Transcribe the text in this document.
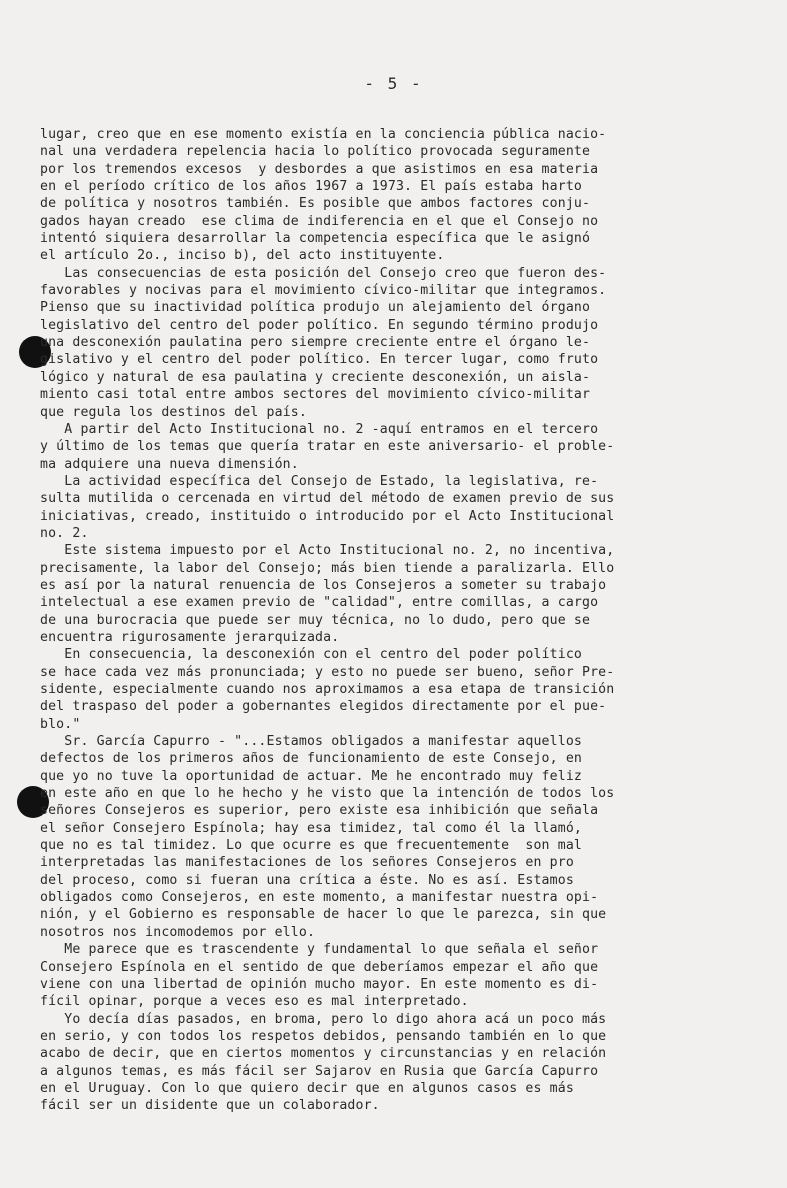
- 5 -
lugar, creo que en ese momento existía en la conciencia pública nacio-
nal una verdadera repelencia hacia lo político provocada seguramente
por los tremendos excesos  y desbordes a que asistimos en esa materia
en el período crítico de los años 1967 a 1973. El país estaba harto
de política y nosotros también. Es posible que ambos factores conju-
gados hayan creado  ese clima de indiferencia en el que el Consejo no
intentó siquiera desarrollar la competencia específica que le asignó
el artículo 2o., inciso b), del acto instituyente.
Las consecuencias de esta posición del Consejo creo que fueron des-
favorables y nocivas para el movimiento cívico-militar que integramos.
Pienso que su inactividad política produjo un alejamiento del órgano
legislativo del centro del poder político. En segundo término produjo
una desconexión paulatina pero siempre creciente entre el órgano le-
gislativo y el centro del poder político. En tercer lugar, como fruto
lógico y natural de esa paulatina y creciente desconexión, un aisla-
miento casi total entre ambos sectores del movimiento cívico-militar
que regula los destinos del país.
A partir del Acto Institucional no. 2 -aquí entramos en el tercero
y último de los temas que quería tratar en este aniversario- el proble-
ma adquiere una nueva dimensión.
La actividad específica del Consejo de Estado, la legislativa, re-
sulta mutilida o cercenada en virtud del método de examen previo de sus
iniciativas, creado, instituido o introducido por el Acto Institucional
no. 2.
Este sistema impuesto por el Acto Institucional no. 2, no incentiva,
precisamente, la labor del Consejo; más bien tiende a paralizarla. Ello
es así por la natural renuencia de los Consejeros a someter su trabajo
intelectual a ese examen previo de "calidad", entre comillas, a cargo
de una burocracia que puede ser muy técnica, no lo dudo, pero que se
encuentra rigurosamente jerarquizada.
En consecuencia, la desconexión con el centro del poder político
se hace cada vez más pronunciada; y esto no puede ser bueno, señor Pre-
sidente, especialmente cuando nos aproximamos a esa etapa de transición
del traspaso del poder a gobernantes elegidos directamente por el pue-
blo."
Sr. García Capurro - "...Estamos obligados a manifestar aquellos
defectos de los primeros años de funcionamiento de este Consejo, en
que yo no tuve la oportunidad de actuar. Me he encontrado muy feliz
en este año en que lo he hecho y he visto que la intención de todos los
señores Consejeros es superior, pero existe esa inhibición que señala
el señor Consejero Espínola; hay esa timidez, tal como él la llamó,
que no es tal timidez. Lo que ocurre es que frecuentemente  son mal
interpretadas las manifestaciones de los señores Consejeros en pro
del proceso, como si fueran una crítica a éste. No es así. Estamos
obligados como Consejeros, en este momento, a manifestar nuestra opi-
nión, y el Gobierno es responsable de hacer lo que le parezca, sin que
nosotros nos incomodemos por ello.
Me parece que es trascendente y fundamental lo que señala el señor
Consejero Espínola en el sentido de que deberíamos empezar el año que
viene con una libertad de opinión mucho mayor. En este momento es di-
fícil opinar, porque a veces eso es mal interpretado.
Yo decía días pasados, en broma, pero lo digo ahora acá un poco más
en serio, y con todos los respetos debidos, pensando también en lo que
acabo de decir, que en ciertos momentos y circunstancias y en relación
a algunos temas, es más fácil ser Sajarov en Rusia que García Capurro
en el Uruguay. Con lo que quiero decir que en algunos casos es más
fácil ser un disidente que un colaborador.
